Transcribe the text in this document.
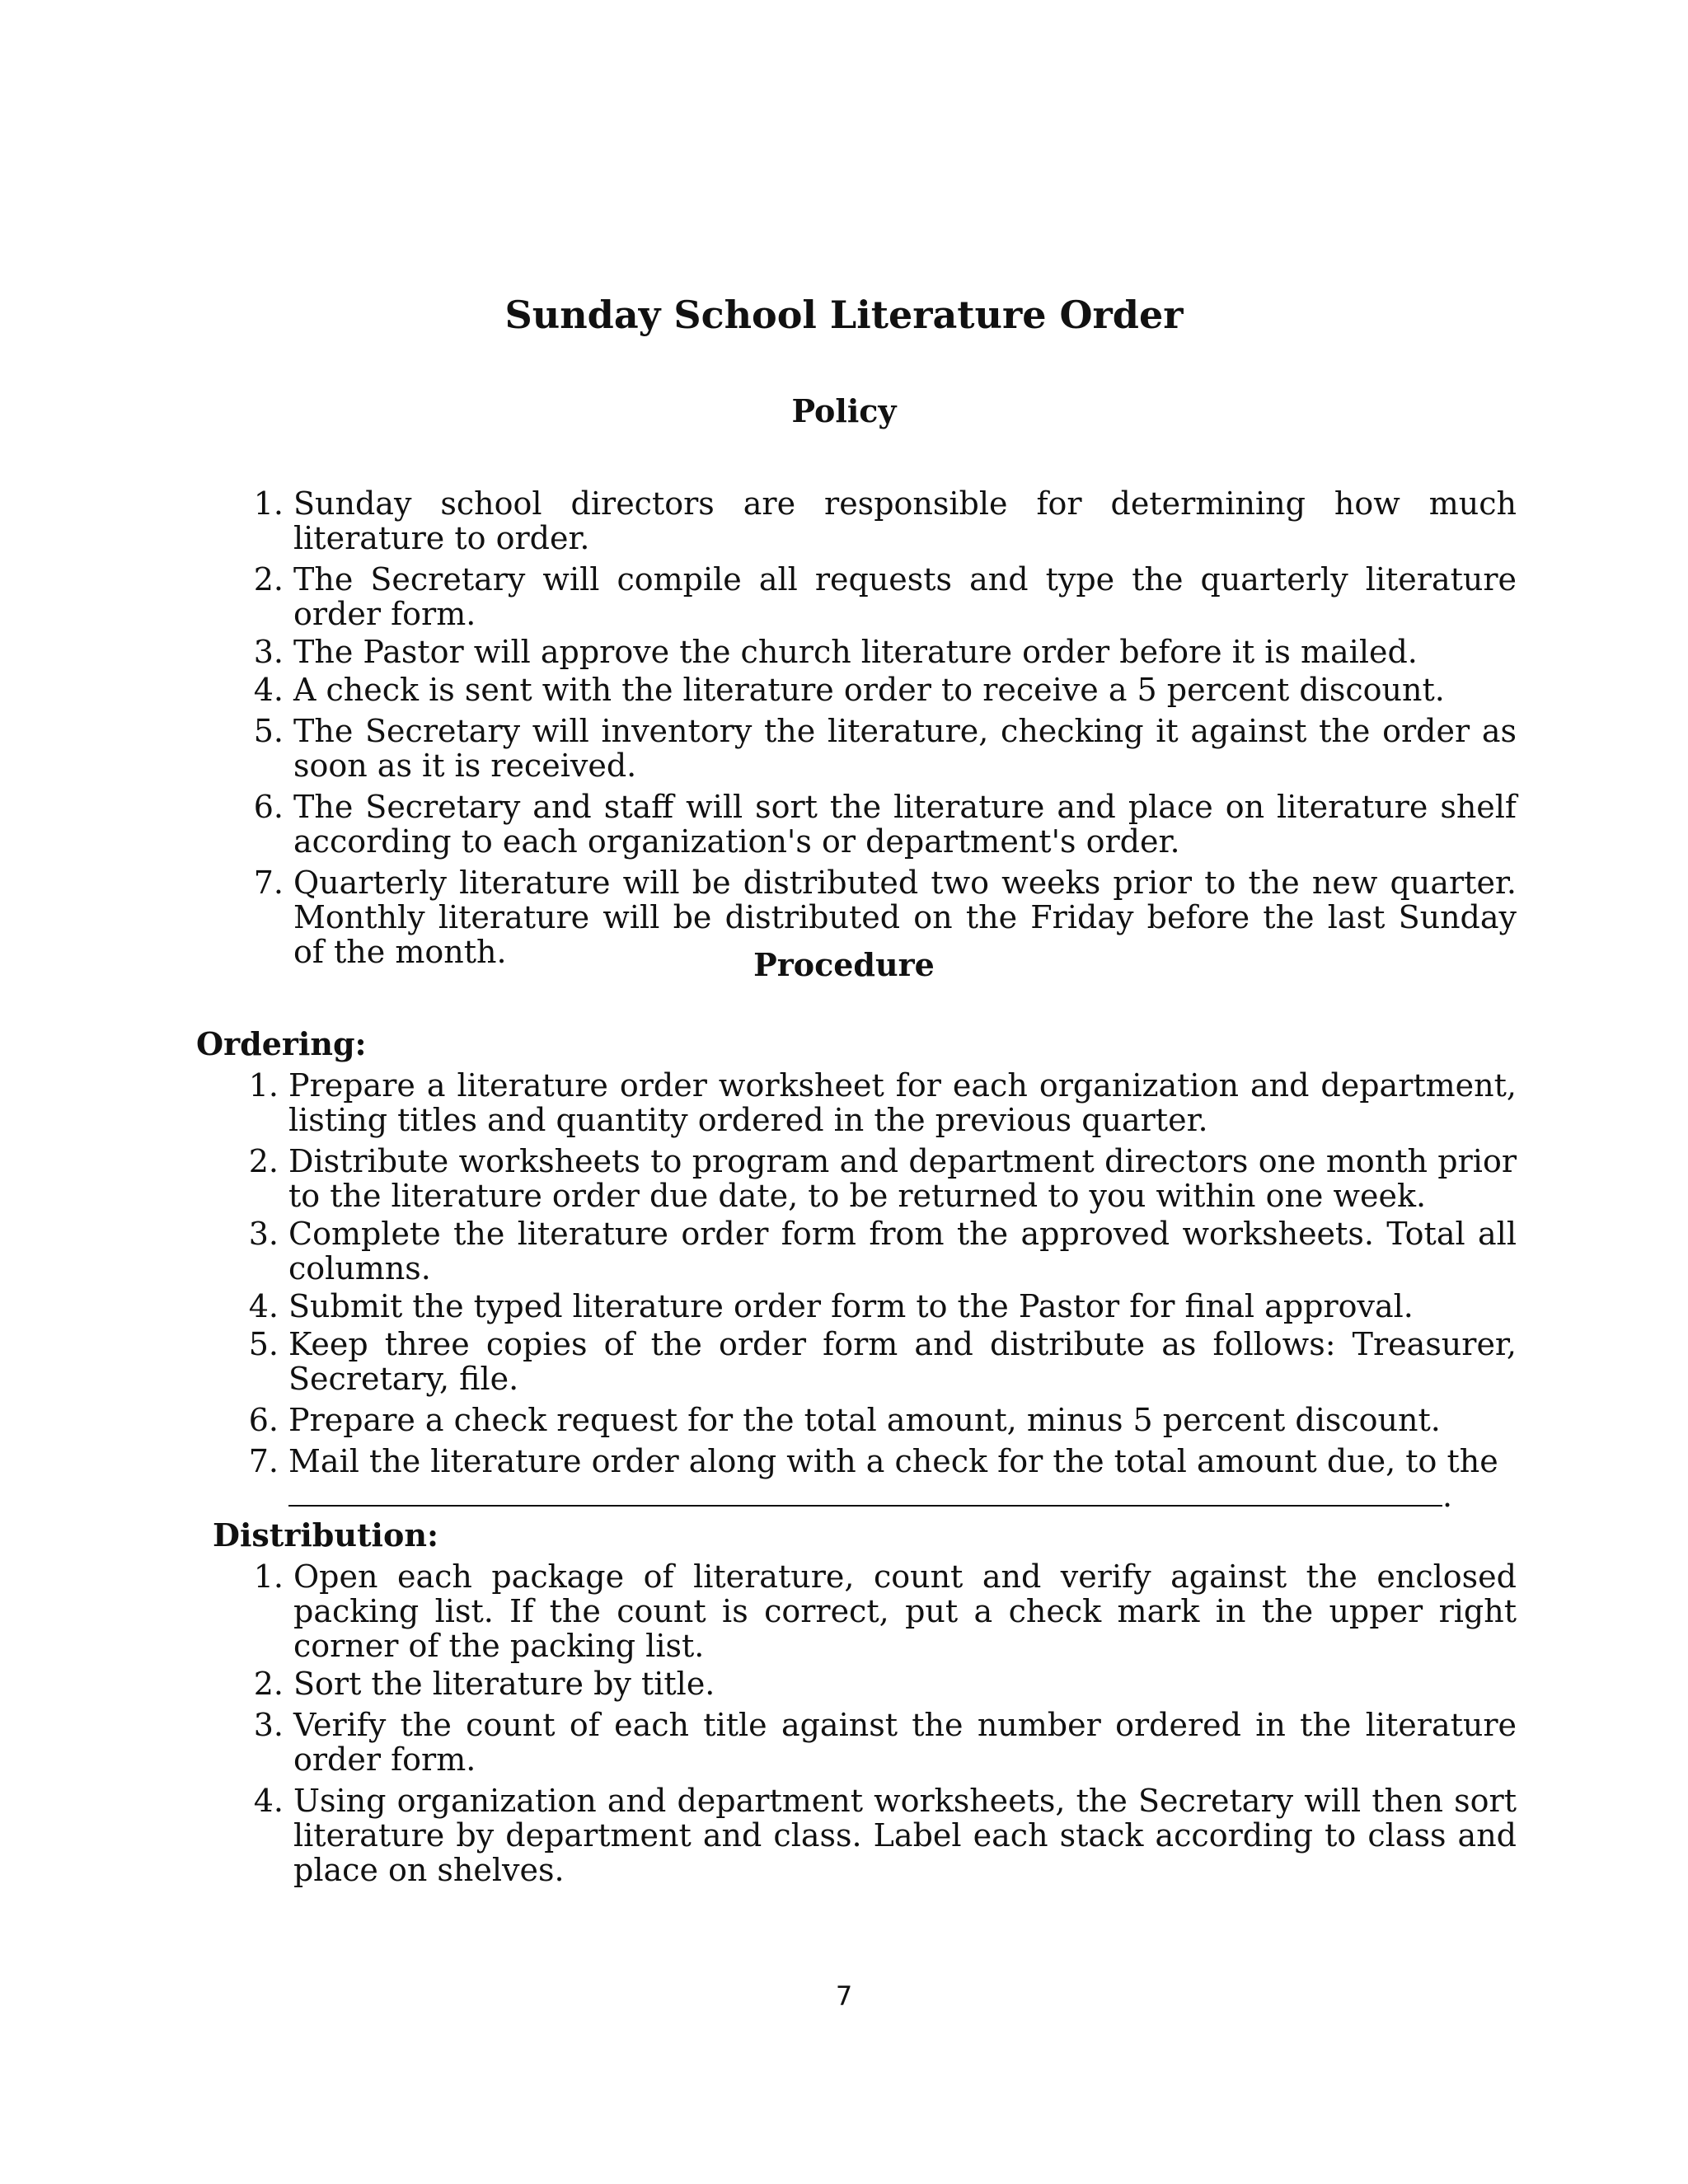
Sunday School Literature Order
Policy
1. Sunday school directors are responsible for determining how much literature to order.
2. The Secretary will compile all requests and type the quarterly literature order form.
3. The Pastor will approve the church literature order before it is mailed.
4. A check is sent with the literature order to receive a 5 percent discount.
5. The Secretary will inventory the literature, checking it against the order as soon as it is received.
6. The Secretary and staff will sort the literature and place on literature shelf according to each organization's or department's order.
7. Quarterly literature will be distributed two weeks prior to the new quarter. Monthly literature will be distributed on the Friday before the last Sunday of the month.	Procedure
Ordering:
1. Prepare a literature order worksheet for each organization and department, listing titles and quantity ordered in the previous quarter.
2. Distribute worksheets to program and department directors one month prior to the literature order due date, to be returned to you within one week.
3. Complete the literature order form from the approved worksheets. Total all columns.
4. Submit the typed literature order form to the Pastor for final approval.
5. Keep three copies of the order form and distribute as follows: Treasurer, Secretary, file.
6. Prepare a check request for the total amount, minus 5 percent discount.
7. Mail the literature order along with a check for the total amount due, to the
.
Distribution:
1. Open each package of literature, count and verify against the enclosed packing list. If the count is correct, put a check mark in the upper right corner of the packing list.
2. Sort the literature by title.
3. Verify the count of each title against the number ordered in the literature order form.
4. Using organization and department worksheets, the Secretary will then sort literature by department and class. Label each stack according to class and place on shelves.
7
